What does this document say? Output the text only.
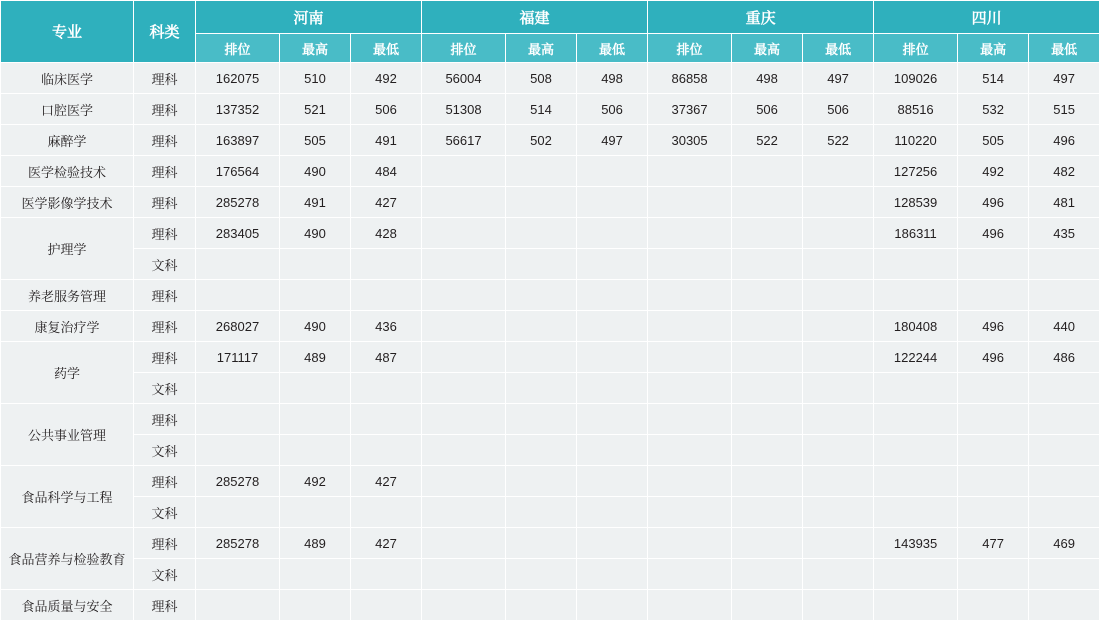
专业	科类	河南			福建			重庆			四川		
		排位	最高	最低	排位	最高	最低	排位	最高	最低	排位	最高	最低
临床医学	理科	162075	510	492	56004	508	498	86858	498	497	109026	514	497
口腔医学	理科	137352	521	506	51308	514	506	37367	506	506	88516	532	515
麻醉学	理科	163897	505	491	56617	502	497	30305	522	522	110220	505	496
医学检验技术	理科	176564	490	484							127256	492	482
医学影像学技术	理科	285278	491	427							128539	496	481
护理学	理科	283405	490	428							186311	496	435
	文科												
养老服务管理	理科												
康复治疗学	理科	268027	490	436							180408	496	440
药学	理科	171117	489	487							122244	496	486
	文科												
公共事业管理	理科												
	文科												
食品科学与工程	理科	285278	492	427									
	文科												
食品营养与检验教育	理科	285278	489	427							143935	477	469
	文科												
食品质量与安全	理科												
